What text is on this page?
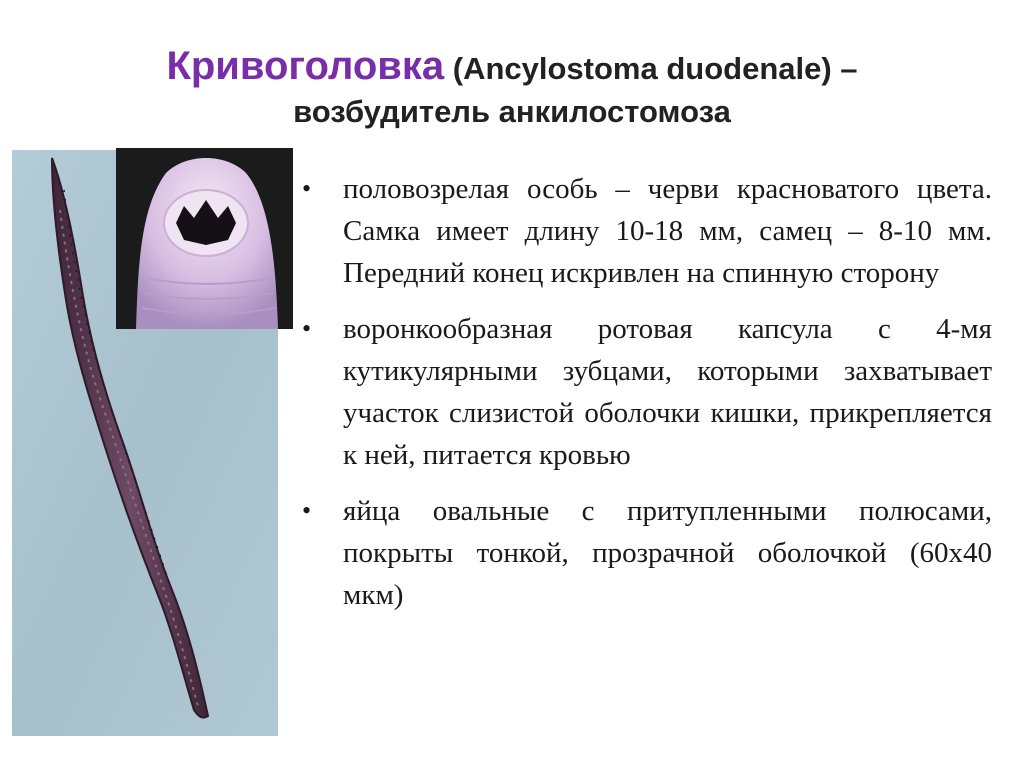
Кривоголовка (Ancylostoma duodenale) –
возбудитель анкилостомоза
• половозрелая особь – черви красноватого цвета. Самка имеет длину 10-18 мм, самец – 8-10 мм. Передний конец искривлен на спинную сторону
• воронкообразная ротовая капсула с 4-мя кутикулярными зубцами, которыми захватывает участок слизистой оболочки кишки, прикрепляется к ней, питается кровью
• яйца овальные с притупленными полюсами, покрыты тонкой, прозрачной оболочкой (60х40 мкм)
